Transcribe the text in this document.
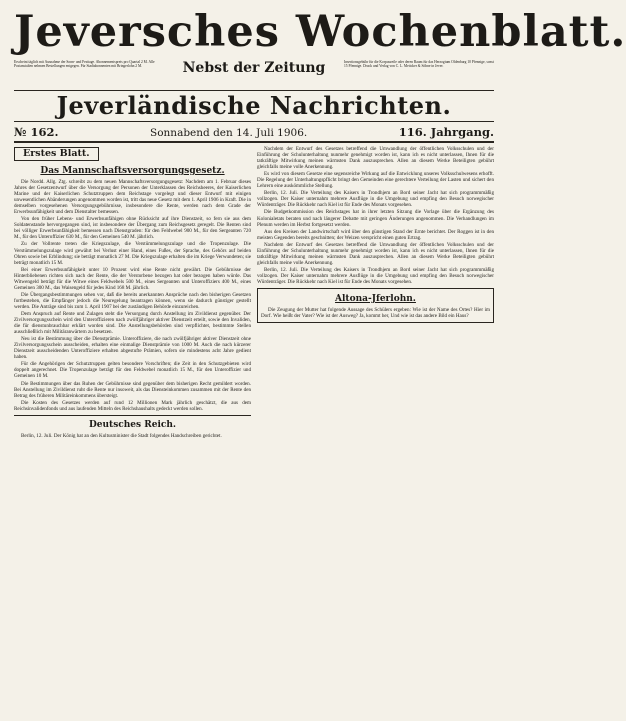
Jeversches Wochenblatt.
Erscheint täglich mit Ausnahme der Sonn- und Festtage. Abonnementspreis pro Quartal 2 M. Alle Postanstalten nehmen Bestellungen entgegen. Für Stadtabonnenten mit Bringerlohn 2 M.	Nebst der Zeitung	Insertionsgebühr für die Korpuszeile oder deren Raum für das Herzogtum Oldenburg 10 Pfennige, sonst 15 Pfennige. Druck und Verlag von C. L. Mettcker & Söhne in Jever.
Jeverländische Nachrichten.
№ 162.	Sonnabend den 14. Juli 1906.	116. Jahrgang.
Erstes Blatt.
Das Mannschaftsversorgungsgesetz.

Die Nordd. Allg. Ztg. schreibt zu dem neuen Mannschaftsversorgungsgesetz: Nachdem am 1. Februar dieses Jahres der Gesetzentwurf über die Versorgung der Personen der Unterklassen des Reichsheeres, der Kaiserlichen Marine und der Kaiserlichen Schutztruppen dem Reichstage vorgelegt und dieser Entwurf mit einigen unwesentlichen Abänderungen angenommen worden ist, tritt das neue Gesetz mit dem 1. April 1906 in Kraft. Die in demselben vorgesehenen Versorgungsgebührnisse, insbesondere die Rente, werden nach dem Grade der Erwerbsunfähigkeit und dem Dienstalter bemessen.

Von den früher Lebens- und Erwerbsunfähigen ohne Rücksicht auf ihre Dienstzeit, so fern sie aus dem Soldatenstande hervorgegangen sind, ist insbesondere der Übergang zum Reichsgesetz geregelt. Die Renten sind bei völliger Erwerbsunfähigkeit bemessen nach Dienstgraden: für den Feldwebel 900 M., für den Sergeanten 720 M., für den Unteroffizier 630 M., für den Gemeinen 540 M. jährlich.

Zu der Vollrente treten die Kriegszulage, die Verstümmelungszulage und die Tropenzulage. Die Verstümmelungszulage wird gewährt bei Verlust einer Hand, eines Fußes, der Sprache, des Gehörs auf beiden Ohren sowie bei Erblindung; sie beträgt monatlich 27 M. Die Kriegszulage erhalten die im Kriege Verwundeten; sie beträgt monatlich 15 M.

Bei einer Erwerbsunfähigkeit unter 10 Prozent wird eine Rente nicht gewährt. Die Gebührnisse der Hinterbliebenen richten sich nach der Rente, die der Verstorbene bezogen hat oder bezogen haben würde. Das Witwengeld beträgt für die Witwe eines Feldwebels 500 M., eines Sergeanten und Unteroffiziers 400 M., eines Gemeinen 300 M., das Waisengeld für jedes Kind 168 M. jährlich.

Die Übergangsbestimmungen sehen vor, daß die bereits anerkannten Ansprüche nach den bisherigen Gesetzen fortbestehen, die Empfänger jedoch die Neuregelung beantragen können, wenn sie dadurch günstiger gestellt werden. Die Anträge sind bis zum 1. April 1907 bei der zuständigen Behörde einzureichen.

Dem Anspruch auf Rente und Zulagen steht die Versorgung durch Anstellung im Zivildienst gegenüber. Der Zivilversorgungsschein wird den Unteroffizieren nach zwölfjähriger aktiver Dienstzeit erteilt, sowie den Invaliden, die für dienstunbrauchbar erklärt worden sind. Die Anstellungsbehörden sind verpflichtet, bestimmte Stellen ausschließlich mit Militäranwärtern zu besetzen.

Neu ist die Bestimmung über die Dienstprämie. Unteroffiziere, die nach zwölfjähriger aktiver Dienstzeit ohne Zivilversorgungsschein ausscheiden, erhalten eine einmalige Dienstprämie von 1000 M. Auch die nach kürzerer Dienstzeit ausscheidenden Unteroffiziere erhalten abgestufte Prämien, sofern sie mindestens acht Jahre gedient haben.

Für die Angehörigen der Schutztruppen gelten besondere Vorschriften; die Zeit in den Schutzgebieten wird doppelt angerechnet. Die Tropenzulage beträgt für den Feldwebel monatlich 15 M., für den Unteroffizier und Gemeinen 10 M.

Die Bestimmungen über das Ruhen der Gebührnisse sind gegenüber dem bisherigen Recht gemildert worden. Bei Anstellung im Zivildienst ruht die Rente nur insoweit, als das Diensteinkommen zusammen mit der Rente den Betrag des früheren Militäreinkommens übersteigt.

Die Kosten des Gesetzes werden auf rund 12 Millionen Mark jährlich geschätzt, die aus dem Reichsinvalidenfonds und aus laufenden Mitteln des Reichshaushalts gedeckt werden sollen.

Deutsches Reich.

Berlin, 12. Juli. Der König hat an den Kultusminister die Stadt folgendes Handschreiben gerichtet.

Nachdem der Entwurf des Gesetzes betreffend die Umwandlung der öffentlichen Volksschulen und der Einführung der Schulunterhaltung nunmehr genehmigt worden ist, kann ich es nicht unterlassen, Ihnen für die tatkräftige Mitwirkung meinen wärmsten Dank auszusprechen. Allen an diesem Werke Beteiligten gebührt gleichfalls meine volle Anerkennung.

Es wird von diesem Gesetze eine segensreiche Wirkung auf die Entwicklung unseres Volksschulwesens erhofft. Die Regelung der Unterhaltungspflicht bringt den Gemeinden eine gerechtere Verteilung der Lasten und sichert den Lehrern eine auskömmliche Stellung.

Berlin, 12. Juli. Die Verteilung des Kaisers in Trondhjem an Bord seiner Jacht hat sich programmmäßig vollzogen. Der Kaiser unternahm mehrere Ausflüge in die Umgebung und empfing den Besuch norwegischer Würdenträger. Die Rückkehr nach Kiel ist für Ende des Monats vorgesehen.

Die Budgetkommission des Reichstages hat in ihrer letzten Sitzung die Vorlage über die Ergänzung des Kolonialetats beraten und nach längerer Debatte mit geringen Änderungen angenommen. Die Verhandlungen im Plenum werden im Herbst fortgesetzt werden.

Aus den Kreisen der Landwirtschaft wird über den günstigen Stand der Ernte berichtet. Der Roggen ist in den meisten Gegenden bereits geschnitten; der Weizen verspricht einen guten Ertrag.

Nachdem der Entwurf des Gesetzes betreffend die Umwandlung der öffentlichen Volksschulen und der Einführung der Schulunterhaltung nunmehr genehmigt worden ist, kann ich es nicht unterlassen, Ihnen für die tatkräftige Mitwirkung meinen wärmsten Dank auszusprechen. Allen an diesem Werke Beteiligten gebührt gleichfalls meine volle Anerkennung.

Berlin, 12. Juli. Die Verteilung des Kaisers in Trondhjem an Bord seiner Jacht hat sich programmmäßig vollzogen. Der Kaiser unternahm mehrere Ausflüge in die Umgebung und empfing den Besuch norwegischer Würdenträger. Die Rückkehr nach Kiel ist für Ende des Monats vorgesehen.

Altona-Jferlohn.

Die Zeugung der Mutter hat folgende Aussage des Schülers ergeben: Wie ist der Name des Ortes? Hier im Dorf. Wie heißt der Vater? Wie ist der Ausweg? Ja, kommt her, Und wie ist das andere Bild ein Haus?
